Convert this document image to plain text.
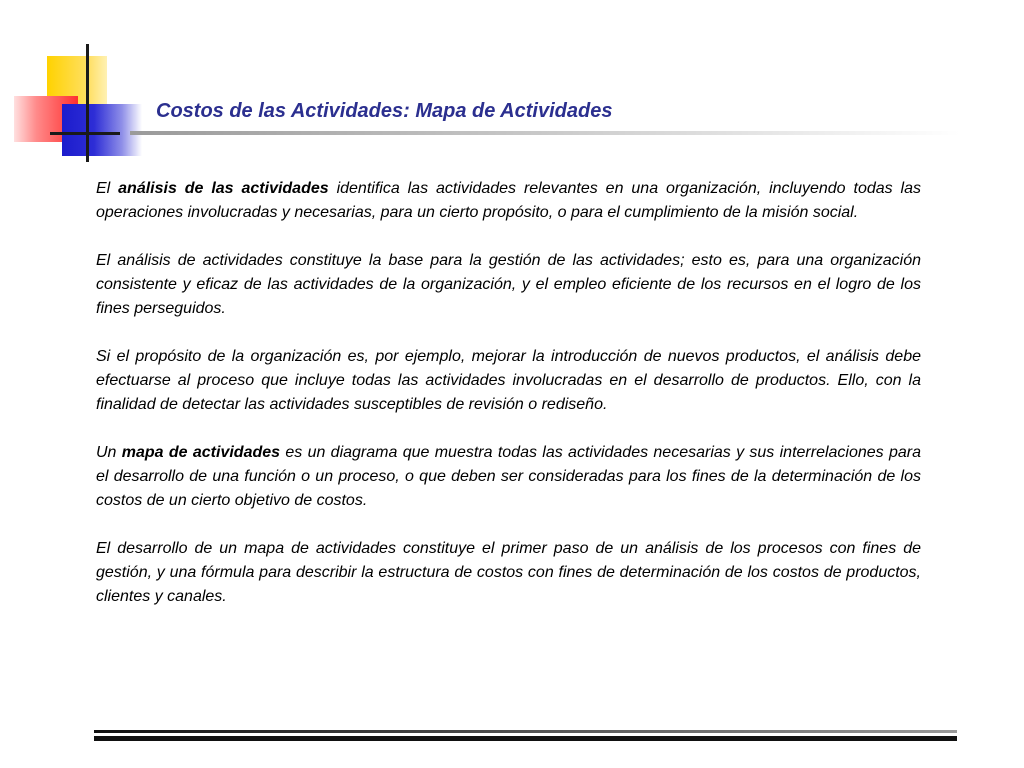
Costos de las Actividades: Mapa de Actividades

El análisis de las actividades identifica las actividades relevantes en una organización, incluyendo todas las operaciones involucradas y necesarias, para un cierto propósito, o para el cumplimiento de la misión social.

El análisis de actividades constituye la base para la gestión de las actividades; esto es, para una organización consistente y eficaz de las actividades de la organización, y el empleo eficiente de los recursos en el logro de los fines perseguidos.

Si el propósito de la organización es, por ejemplo, mejorar la introducción de nuevos productos, el análisis debe efectuarse al proceso que incluye todas las actividades involucradas en el desarrollo de productos. Ello, con la finalidad de detectar las actividades susceptibles de revisión o rediseño.

Un mapa de actividades es un diagrama que muestra todas las actividades necesarias y sus interrelaciones para el desarrollo de una función o un proceso, o que deben ser consideradas para los fines de la determinación de los costos de un cierto objetivo de costos.

El desarrollo de un mapa de actividades constituye el primer paso de un análisis de los procesos con fines de gestión, y una fórmula para describir la estructura de costos con fines de determinación de los costos de productos, clientes y canales.
